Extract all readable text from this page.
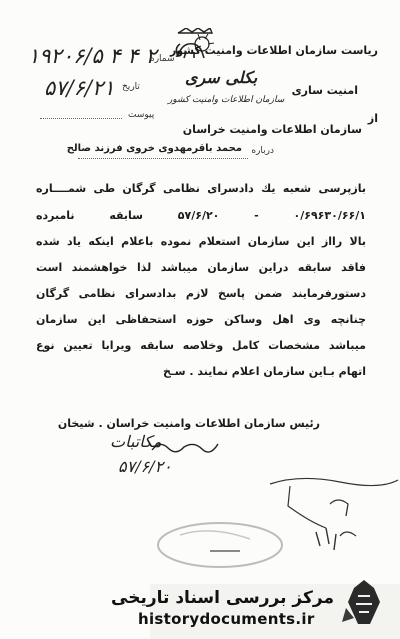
ریاست سازمان اطلاعات وامنیت کشور
امنیت ساری
از
سازمان اطلاعات وامنیت خراسان
بکلی سری
سازمان اطلاعات وامنیت کشور
شماره
۱۹۲۰۶/۵ ۴ ۴ ۲
تاریخ
۵۷/۶/۲۱
پیوست
درباره
محمد باقرمهدوی خروی فرزند صالح
بازپرسی شعبه یك دادسرای نظامی گرگان طی شمــــاره
۰/۶۹۶۳۰/۶۶/۱ - ۵۷/۶/۲۰ سابقه نامبرده
بالا رااز این سازمان استعلام نموده باعلام اینکه یاد شده
فاقد سابقه دراین سازمان میباشد لذا خواهشمند است
دستورفرمایند ضمن پاسخ لازم بدادسرای نظامی گرگان
چنانچه وی اهل وساکن حوزه استحفاظی این سازمان
میباشد مشخصات کامل وخلاصه سابقه ویرابا تعیین نوع
اتهام بـاین سازمان اعلام نمایند . سـخ
رئیس سازمان اطلاعات وامنیت خراسان . شیخان
مکاتبات
۵۷/۶/۲۰
مرکز بررسی اسناد تاریخی
historydocuments.ir
